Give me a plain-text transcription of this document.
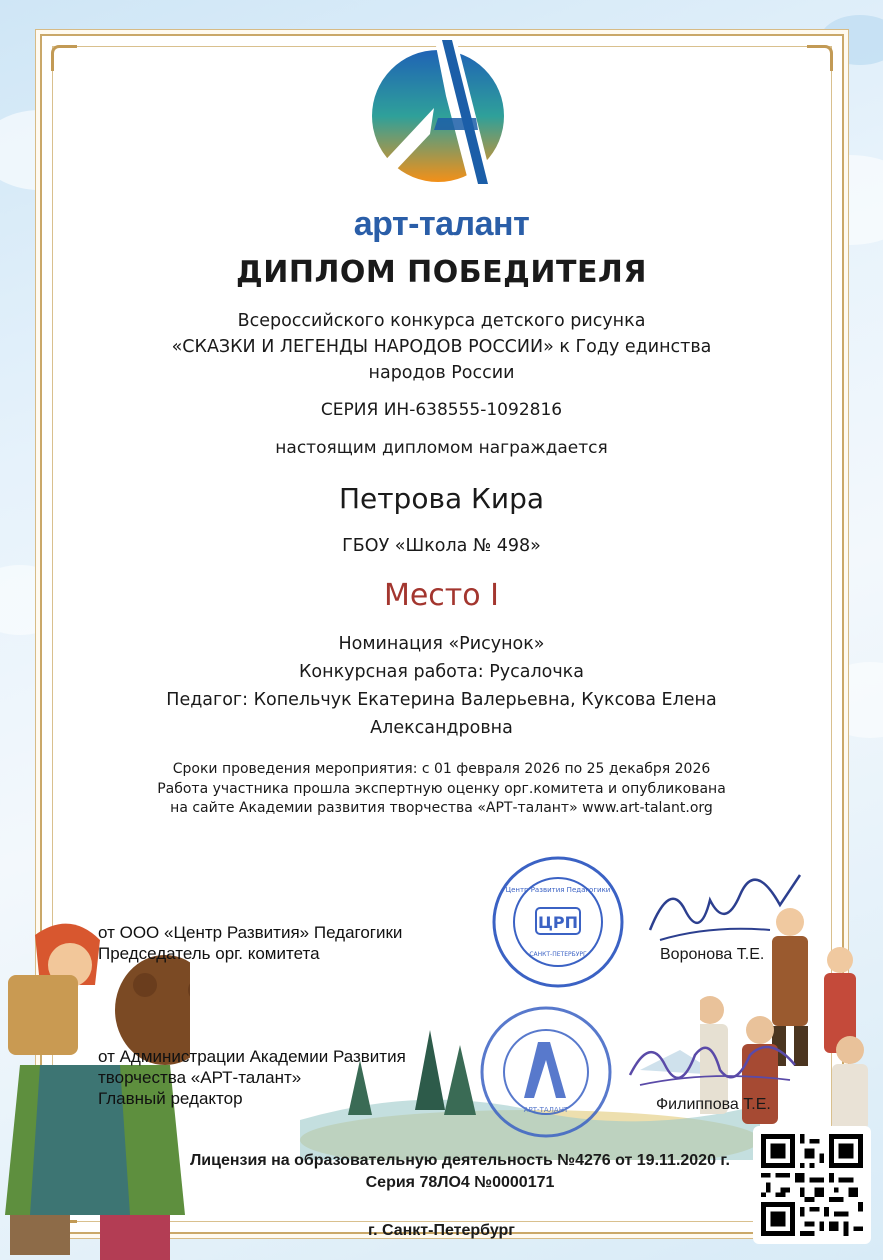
арт-талант
ДИПЛОМ ПОБЕДИТЕЛЯ
Всероссийского конкурса детского рисунка
«СКАЗКИ И ЛЕГЕНДЫ НАРОДОВ РОССИИ» к Году единства
народов России
СЕРИЯ ИН-638555-1092816
настоящим дипломом награждается
Петрова Кира
ГБОУ «Школа № 498»
Место I
Номинация «Рисунок»
Конкурсная работа: Русалочка
Педагог: Копельчук Екатерина Валерьевна, Куксова Елена
Александровна
Сроки проведения мероприятия: с 01 февраля 2026 по 25 декабря 2026
Работа участника прошла экспертную оценку орг.комитета и опубликована
на сайте Академии развития творчества «АРТ-талант» www.art-talant.org
ЦРП
Центр Развития Педагогики
САНКТ-ПЕТЕРБУРГ
АРТ-ТАЛАНТ
от ООО «Центр Развития» Педагогики
Председатель орг. комитета	Воронова Т.Е.
от Администрации Академии Развития
творчества «АРТ-талант»
Главный редактор	Филиппова Т.Е.
Лицензия на образовательную деятельность №4276 от 19.11.2020 г.
Серия 78ЛО4 №0000171
г. Санкт-Петербург
